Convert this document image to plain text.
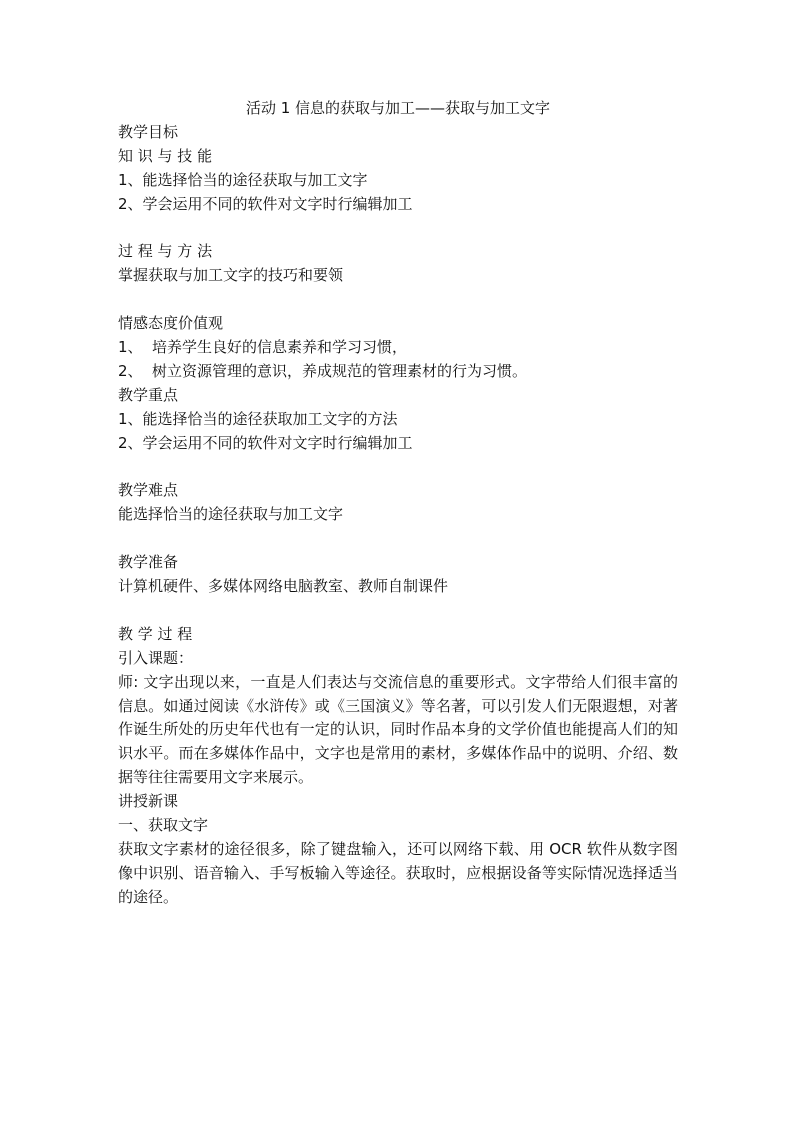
活动 1 信息的获取与加工——获取与加工文字

教学目标

知 识 与 技 能

1、能选择恰当的途径获取与加工文字

2、学会运用不同的软件对文字时行编辑加工

过 程 与 方 法

掌握获取与加工文字的技巧和要领

情感态度价值观

1、 培养学生良好的信息素养和学习习惯，

2、 树立资源管理的意识，养成规范的管理素材的行为习惯。

教学重点

1、能选择恰当的途径获取加工文字的方法

2、学会运用不同的软件对文字时行编辑加工

教学难点

能选择恰当的途径获取与加工文字

教学准备

计算机硬件、多媒体网络电脑教室、教师自制课件

教 学 过 程

引入课题：

师: 文字出现以来，一直是人们表达与交流信息的重要形式。文字带给人们很丰富的信息。如通过阅读《水浒传》或《三国演义》等名著，可以引发人们无限遐想，对著作诞生所处的历史年代也有一定的认识，同时作品本身的文学价值也能提高人们的知识水平。而在多媒体作品中，文字也是常用的素材，多媒体作品中的说明、介绍、数据等往往需要用文字来展示。

讲授新课

一、获取文字

获取文字素材的途径很多，除了键盘输入，还可以网络下载、用 OCR 软件从数字图像中识别、语音输入、手写板输入等途径。获取时，应根据设备等实际情况选择适当的途径。
